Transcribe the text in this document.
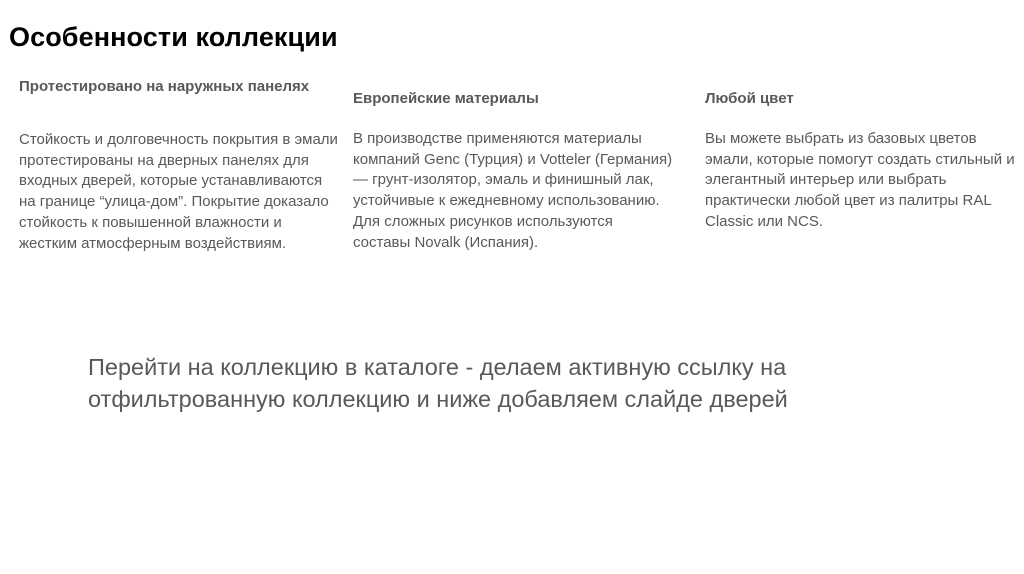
Особенности коллекции
Протестировано на наружных панелях

Стойкость и долговечность покрытия в эмали протестированы на дверных панелях для входных дверей, которые устанавливаются на границе “улица-дом”. Покрытие доказало стойкость к повышенной влажности и жестким атмосферным воздействиям.

Европейские материалы

В производстве применяются материалы компаний Genc (Турция) и Votteler (Германия) — грунт-изолятор, эмаль и финишный лак, устойчивые к ежедневному использованию.
Для сложных рисунков используются составы Novalk (Испания).

Любой цвет

Вы можете выбрать из базовых цветов эмали, которые помогут создать стильный и элегантный интерьер или выбрать практически любой цвет из палитры RAL Classic или NCS.

Перейти на коллекцию в каталоге - делаем активную ссылку на отфильтрованную коллекцию и ниже добавляем слайде дверей
